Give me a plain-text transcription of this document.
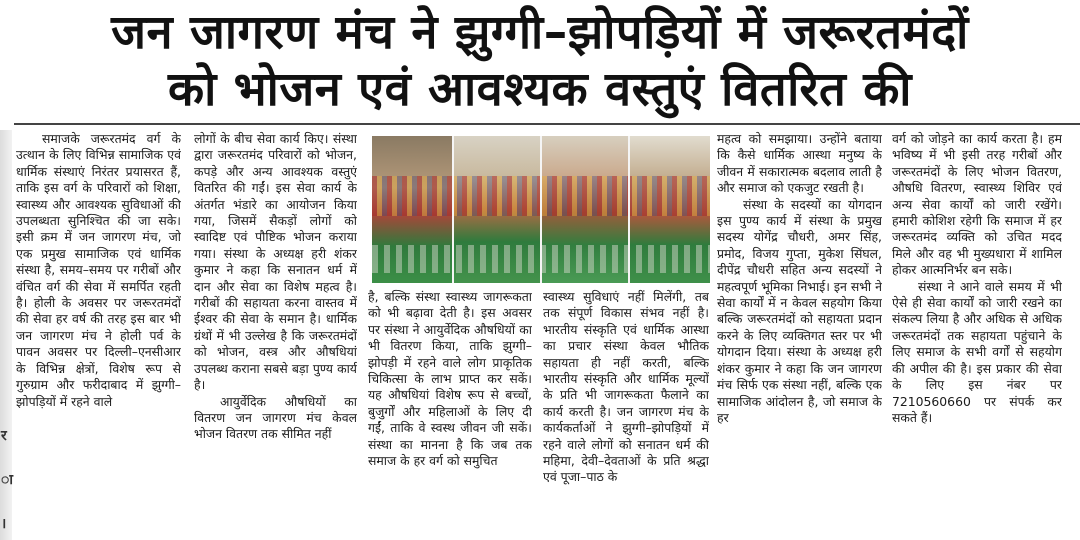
जन जागरण मंच ने झुग्गी–झोपड़ियों में जरूरतमंदों
को भोजन एवं आवश्यक वस्तुएं वितरित की
र
ा
।

समाजके जरूरतमंद वर्ग के उत्थान के लिए विभिन्न सामाजिक एवं धार्मिक संस्थाएं निरंतर प्रयासरत हैं, ताकि इस वर्ग के परिवारों को शिक्षा, स्वास्थ्य और आवश्यक सुविधाओं की उपलब्धता सुनिश्चित की जा सके। इसी क्रम में जन जागरण मंच, जो एक प्रमुख सामाजिक एवं धार्मिक संस्था है, समय–समय पर गरीबों और वंचित वर्ग की सेवा में समर्पित रहती है। होली के अवसर पर जरूरतमंदों की सेवा हर वर्ष की तरह इस बार भी जन जागरण मंच ने होली पर्व के पावन अवसर पर दिल्ली–एनसीआर के विभिन्न क्षेत्रों, विशेष रूप से गुरुग्राम और फरीदाबाद में झुग्गी–झोपड़ियों में रहने वाले

लोगों के बीच सेवा कार्य किए। संस्था द्वारा जरूरतमंद परिवारों को भोजन, कपड़े और अन्य आवश्यक वस्तुएं वितरित की गईं। इस सेवा कार्य के अंतर्गत भंडारे का आयोजन किया गया, जिसमें सैकड़ों लोगों को स्वादिष्ट एवं पौष्टिक भोजन कराया गया। संस्था के अध्यक्ष हरी शंकर कुमार ने कहा कि सनातन धर्म में दान और सेवा का विशेष महत्व है। गरीबों की सहायता करना वास्तव में ईश्वर की सेवा के समान है। धार्मिक ग्रंथों में भी उल्लेख है कि जरूरतमंदों को भोजन, वस्त्र और औषधियां उपलब्ध कराना सबसे बड़ा पुण्य कार्य है।

आयुर्वेदिक औषधियों का वितरण जन जागरण मंच केवल भोजन वितरण तक सीमित नहीं

है, बल्कि संस्था स्वास्थ्य जागरूकता को भी बढ़ावा देती है। इस अवसर पर संस्था ने आयुर्वेदिक औषधियों का भी वितरण किया, ताकि झुग्गी–झोपड़ी में रहने वाले लोग प्राकृतिक चिकित्सा के लाभ प्राप्त कर सकें। यह औषधियां विशेष रूप से बच्चों, बुजुर्गों और महिलाओं के लिए दी गईं, ताकि वे स्वस्थ जीवन जी सकें। संस्था का मानना है कि जब तक समाज के हर वर्ग को समुचित

स्वास्थ्य सुविधाएं नहीं मिलेंगी, तब तक संपूर्ण विकास संभव नहीं है। भारतीय संस्कृति एवं धार्मिक आस्था का प्रचार संस्था केवल भौतिक सहायता ही नहीं करती, बल्कि भारतीय संस्कृति और धार्मिक मूल्यों के प्रति भी जागरूकता फैलाने का कार्य करती है। जन जागरण मंच के कार्यकर्ताओं ने झुग्गी–झोपड़ियों में रहने वाले लोगों को सनातन धर्म की महिमा, देवी–देवताओं के प्रति श्रद्धा एवं पूजा–पाठ के

महत्व को समझाया। उन्होंने बताया कि कैसे धार्मिक आस्था मनुष्य के जीवन में सकारात्मक बदलाव लाती है और समाज को एकजुट रखती है।

संस्था के सदस्यों का योगदान इस पुण्य कार्य में संस्था के प्रमुख सदस्य योगेंद्र चौधरी, अमर सिंह, प्रमोद, विजय गुप्ता, मुकेश सिंघल, दीपेंद्र चौधरी सहित अन्य सदस्यों ने महत्वपूर्ण भूमिका निभाई। इन सभी ने सेवा कार्यों में न केवल सहयोग किया बल्कि जरूरतमंदों को सहायता प्रदान करने के लिए व्यक्तिगत स्तर पर भी योगदान दिया। संस्था के अध्यक्ष हरी शंकर कुमार ने कहा कि जन जागरण मंच सिर्फ एक संस्था नहीं, बल्कि एक सामाजिक आंदोलन है, जो समाज के हर

वर्ग को जोड़ने का कार्य करता है। हम भविष्य में भी इसी तरह गरीबों और जरूरतमंदों के लिए भोजन वितरण, औषधि वितरण, स्वास्थ्य शिविर एवं अन्य सेवा कार्यों को जारी रखेंगे। हमारी कोशिश रहेगी कि समाज में हर जरूरतमंद व्यक्ति को उचित मदद मिले और वह भी मुख्यधारा में शामिल होकर आत्मनिर्भर बन सके।

संस्था ने आने वाले समय में भी ऐसे ही सेवा कार्यों को जारी रखने का संकल्प लिया है और अधिक से अधिक जरूरतमंदों तक सहायता पहुंचाने के लिए समाज के सभी वर्गों से सहयोग की अपील की है। इस प्रकार की सेवा के लिए इस नंबर पर 7210560660 पर संपर्क कर सकते हैं।
